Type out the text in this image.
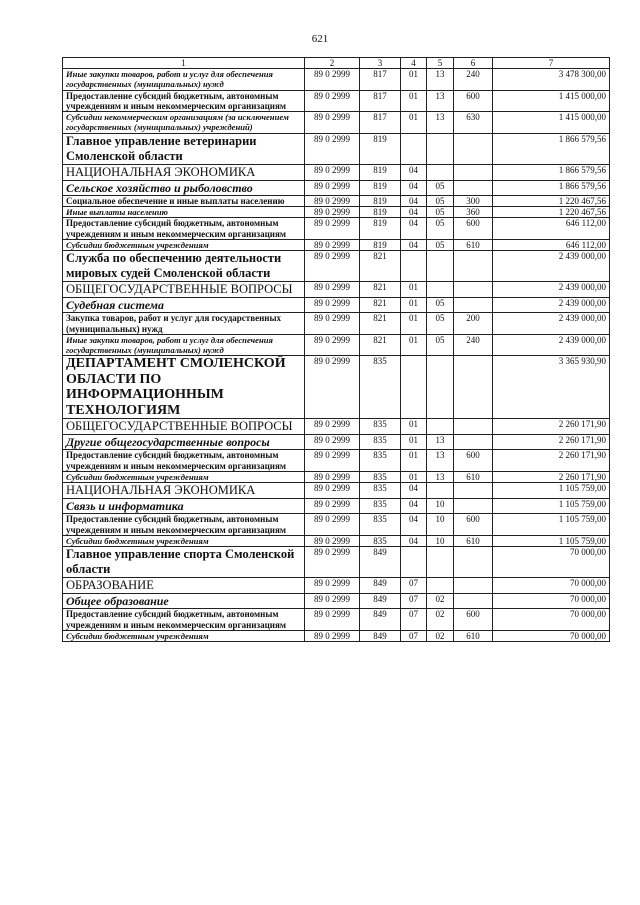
621
1	2	3	4	5	6	7
Иные закупки товаров, работ и услуг для обеспечения государственных (муниципальных) нужд	89 0 2999	817	01	13	240	3 478 300,00
Предоставление субсидий бюджетным, автономным учреждениям и иным некоммерческим организациям	89 0 2999	817	01	13	600	1 415 000,00
Субсидии некоммерческим организациям (за исключением государственных (муниципальных) учреждений)	89 0 2999	817	01	13	630	1 415 000,00
Главное управление ветеринарии Смоленской области	89 0 2999	819				1 866 579,56
НАЦИОНАЛЬНАЯ ЭКОНОМИКА	89 0 2999	819	04			1 866 579,56
Сельское хозяйство и рыболовство	89 0 2999	819	04	05		1 866 579,56
Социальное обеспечение и иные выплаты населению	89 0 2999	819	04	05	300	1 220 467,56
Иные выплаты населению	89 0 2999	819	04	05	360	1 220 467,56
Предоставление субсидий бюджетным, автономным учреждениям и иным некоммерческим организациям	89 0 2999	819	04	05	600	646 112,00
Субсидии бюджетным учреждениям	89 0 2999	819	04	05	610	646 112,00
Служба по обеспечению деятельности мировых судей Смоленской области	89 0 2999	821				2 439 000,00
ОБЩЕГОСУДАРСТВЕННЫЕ ВОПРОСЫ	89 0 2999	821	01			2 439 000,00
Судебная система	89 0 2999	821	01	05		2 439 000,00
Закупка товаров, работ и услуг для государственных (муниципальных) нужд	89 0 2999	821	01	05	200	2 439 000,00
Иные закупки товаров, работ и услуг для обеспечения государственных (муниципальных) нужд	89 0 2999	821	01	05	240	2 439 000,00
ДЕПАРТАМЕНТ СМОЛЕНСКОЙ ОБЛАСТИ ПО ИНФОРМАЦИОННЫМ ТЕХНОЛОГИЯМ	89 0 2999	835				3 365 930,90
ОБЩЕГОСУДАРСТВЕННЫЕ ВОПРОСЫ	89 0 2999	835	01			2 260 171,90
Другие общегосударственные вопросы	89 0 2999	835	01	13		2 260 171,90
Предоставление субсидий бюджетным, автономным учреждениям и иным некоммерческим организациям	89 0 2999	835	01	13	600	2 260 171,90
Субсидии бюджетным учреждениям	89 0 2999	835	01	13	610	2 260 171,90
НАЦИОНАЛЬНАЯ ЭКОНОМИКА	89 0 2999	835	04			1 105 759,00
Связь и информатика	89 0 2999	835	04	10		1 105 759,00
Предоставление субсидий бюджетным, автономным учреждениям и иным некоммерческим организациям	89 0 2999	835	04	10	600	1 105 759,00
Субсидии бюджетным учреждениям	89 0 2999	835	04	10	610	1 105 759,00
Главное управление спорта Смоленской области	89 0 2999	849				70 000,00
ОБРАЗОВАНИЕ	89 0 2999	849	07			70 000,00
Общее образование	89 0 2999	849	07	02		70 000,00
Предоставление субсидий бюджетным, автономным учреждениям и иным некоммерческим организациям	89 0 2999	849	07	02	600	70 000,00
Субсидии бюджетным учреждениям	89 0 2999	849	07	02	610	70 000,00
